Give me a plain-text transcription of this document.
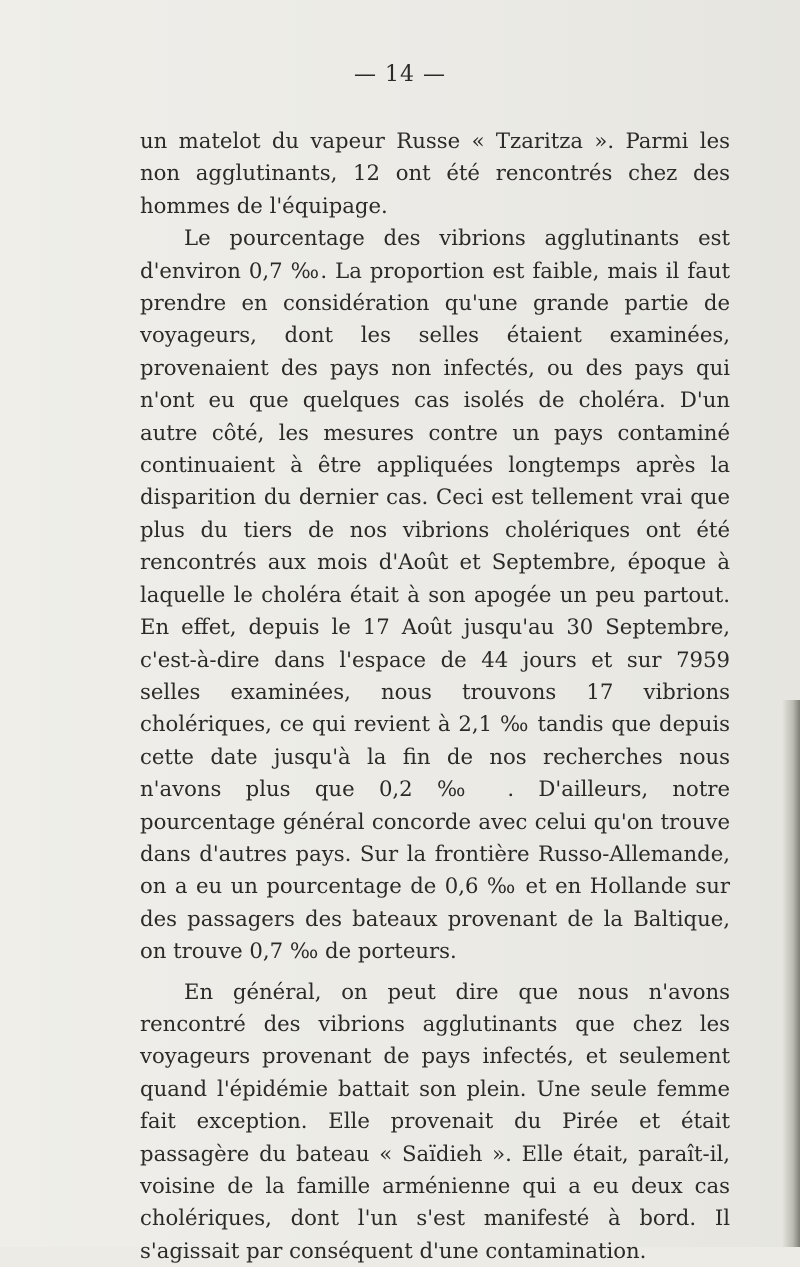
— 14 —

un matelot du vapeur Russe « Tzaritza ». Parmi les non agglutinants, 12 ont été rencontrés chez des hommes de l'équipage.

Le pourcentage des vibrions agglutinants est d'environ 0,7 ‰. La proportion est faible, mais il faut prendre en considération qu'une grande partie de voyageurs, dont les selles étaient examinées, provenaient des pays non infectés, ou des pays qui n'ont eu que quelques cas isolés de choléra. D'un autre côté, les mesures contre un pays contaminé continuaient à être appliquées longtemps après la disparition du dernier cas. Ceci est tellement vrai que plus du tiers de nos vibrions cholériques ont été rencontrés aux mois d'Août et Septembre, époque à laquelle le choléra était à son apogée un peu partout. En effet, depuis le 17 Août jusqu'au 30 Septembre, c'est-à-dire dans l'espace de 44 jours et sur 7959 selles examinées, nous trouvons 17 vibrions cholériques, ce qui revient à 2,1 ‰ tandis que depuis cette date jusqu'à la fin de nos recherches nous n'avons plus que 0,2 ‰ . D'ailleurs, notre pourcentage général concorde avec celui qu'on trouve dans d'autres pays. Sur la frontière Russo-Allemande, on a eu un pourcentage de 0,6 ‰ et en Hollande sur des passagers des bateaux provenant de la Baltique, on trouve 0,7 ‰ de porteurs.

En général, on peut dire que nous n'avons rencontré des vibrions agglutinants que chez les voyageurs provenant de pays infectés, et seulement quand l'épidémie battait son plein. Une seule femme fait exception. Elle provenait du Pirée et était passagère du bateau « Saïdieh ». Elle était, paraît-il, voisine de la famille arménienne qui a eu deux cas cholériques, dont l'un s'est manifesté à bord. Il s'agissait par conséquent d'une contamination.
